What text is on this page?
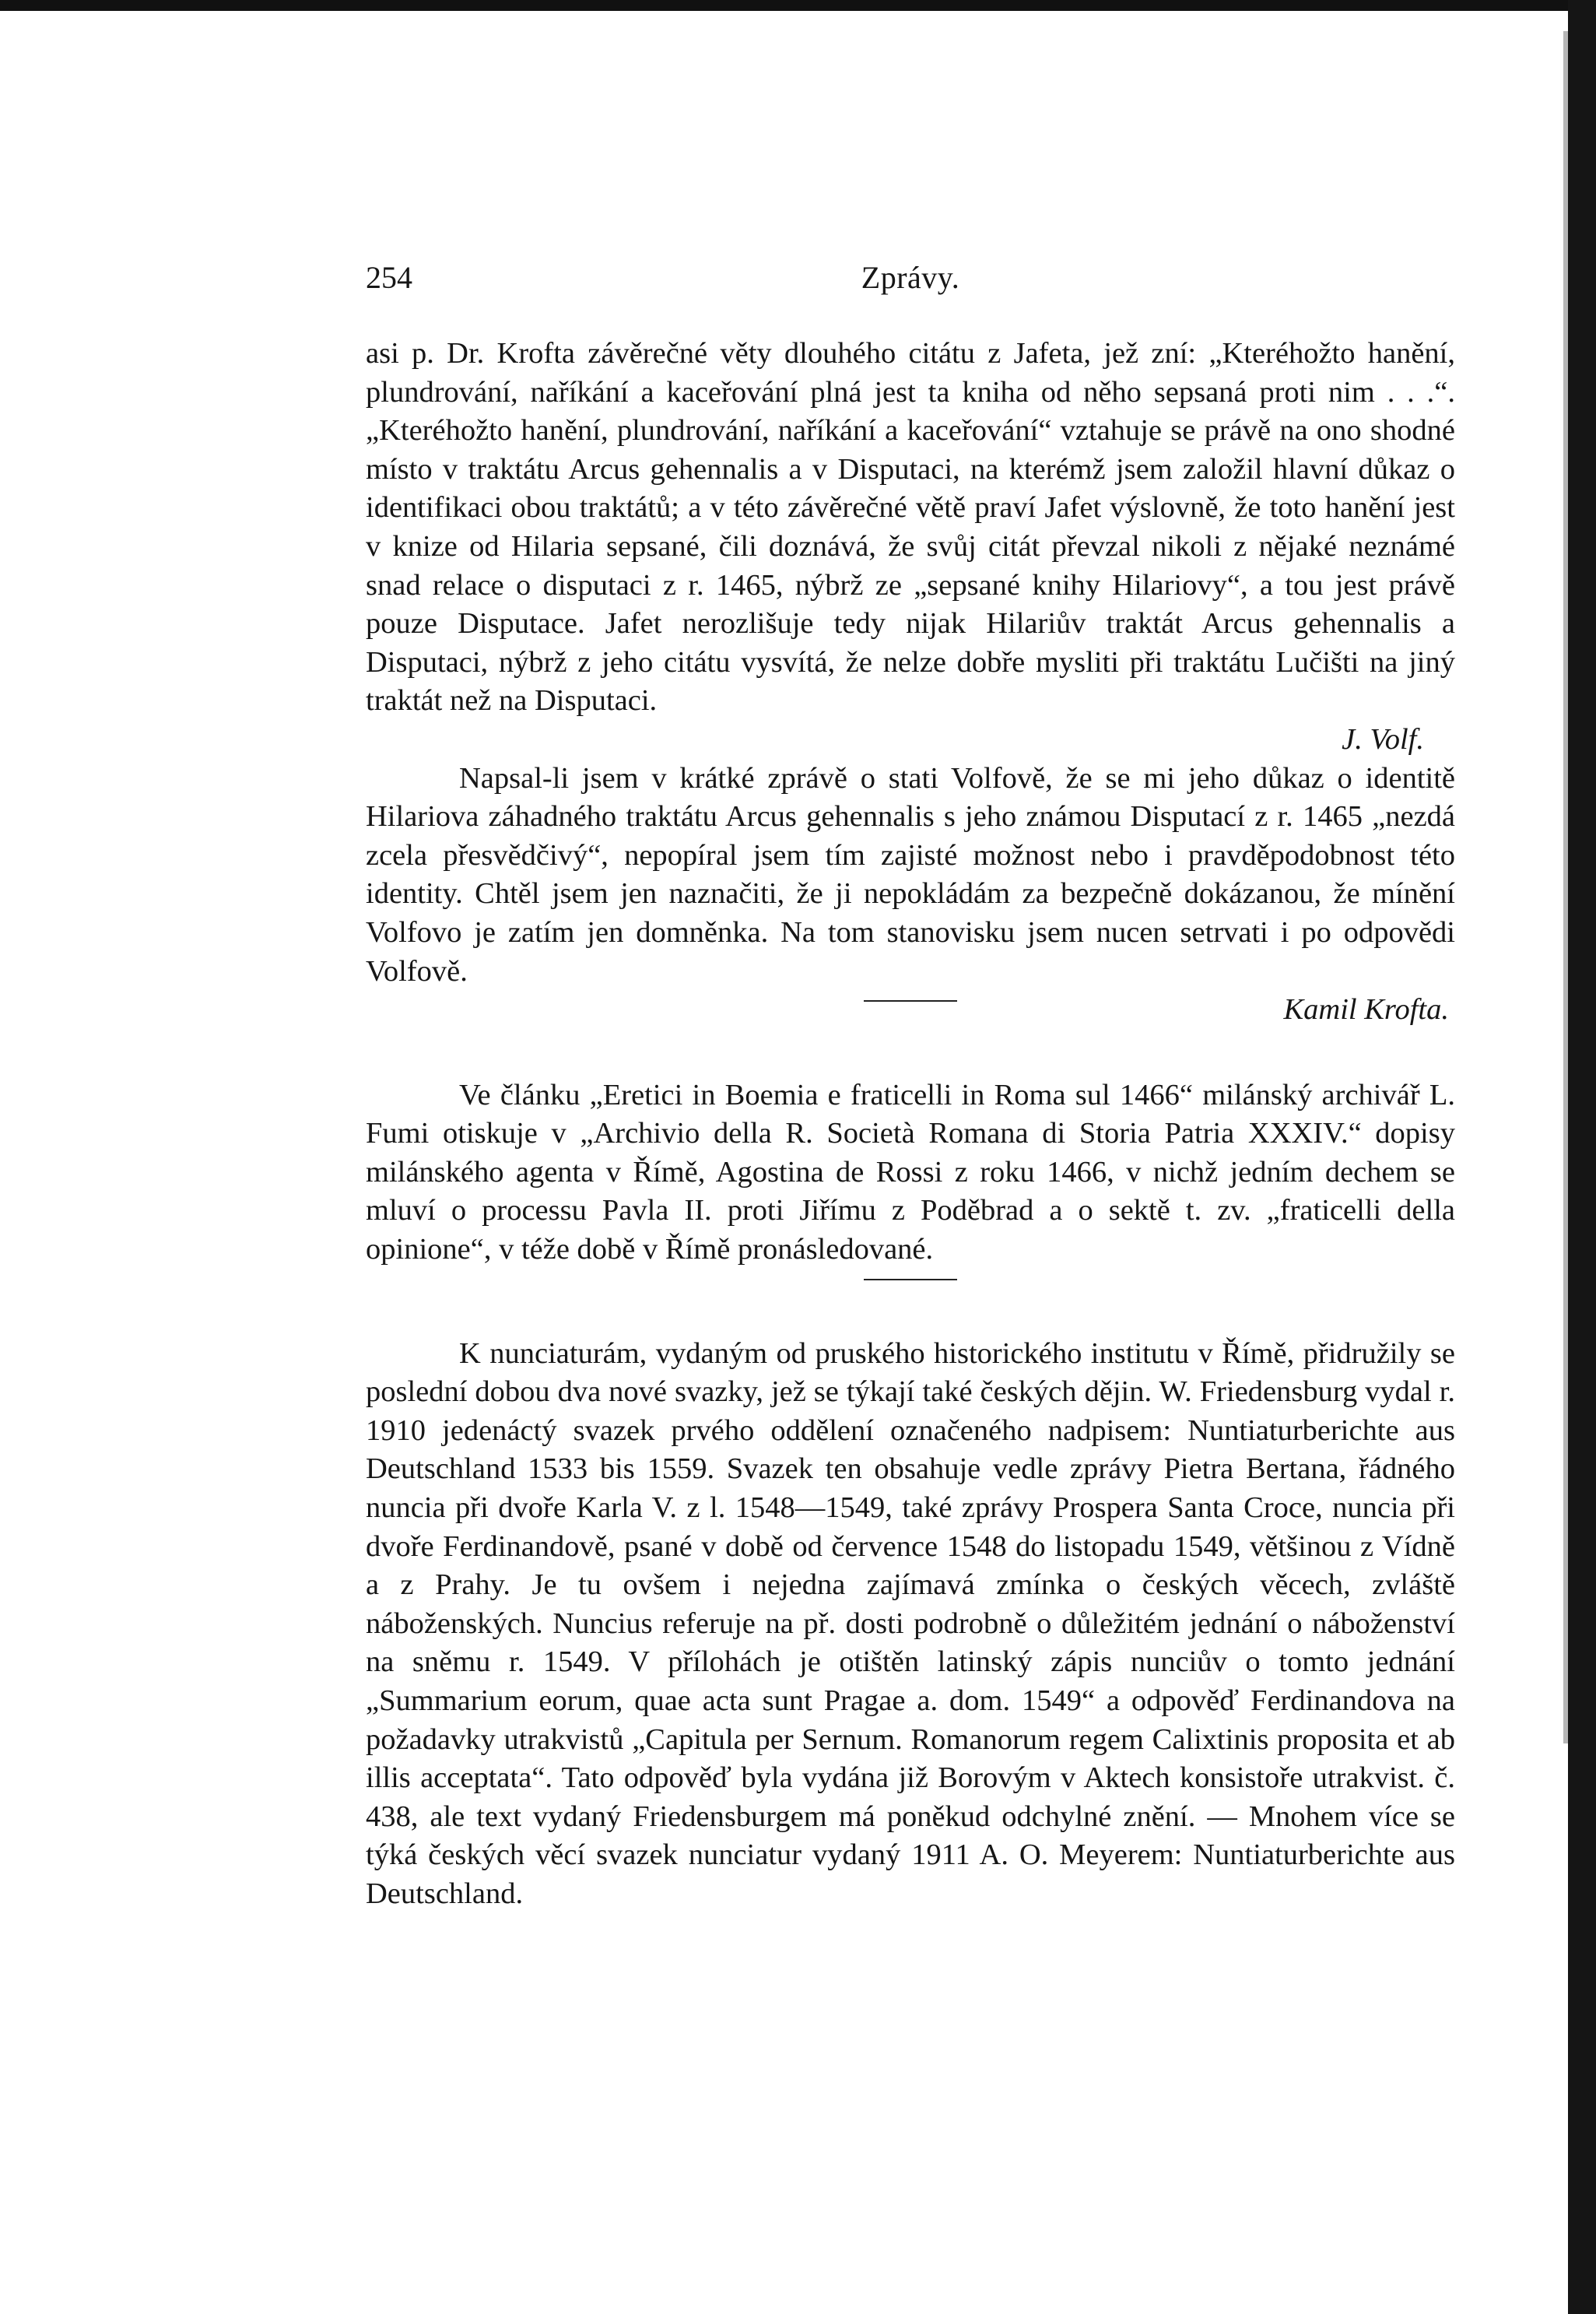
254	Zprávy.

asi p. Dr. Krofta závěrečné věty dlouhého citátu z Jafeta, jež zní: „Kteréhožto hanění, plundrování, naříkání a kaceřování plná jest ta kniha od něho sepsaná proti nim . . .“. „Kteréhožto hanění, plundrování, naříkání a kaceřování“ vztahuje se právě na ono shodné místo v traktátu Arcus gehennalis a v Disputaci, na kterémž jsem založil hlavní důkaz o identifikaci obou traktátů; a v této závěrečné větě praví Jafet výslovně, že toto hanění jest v knize od Hilaria sepsané, čili doznává, že svůj citát převzal nikoli z nějaké neznámé snad relace o disputaci z r. 1465, nýbrž ze „sepsané knihy Hilariovy“, a tou jest právě pouze Disputace. Jafet nerozlišuje tedy nijak Hilariův traktát Arcus gehennalis a Disputaci, nýbrž z jeho citátu vysvítá, že nelze dobře mysliti při traktátu Lučišti na jiný traktát než na Disputaci.

J. Volf.

Napsal-li jsem v krátké zprávě o stati Volfově, že se mi jeho důkaz o identitě Hilariova záhadného traktátu Arcus gehennalis s jeho známou Disputací z r. 1465 „nezdá zcela přesvědčivý“, nepopíral jsem tím zajisté možnost nebo i pravděpodobnost této identity. Chtěl jsem jen naznačiti, že ji nepokládám za bezpečně dokázanou, že mínění Volfovo je zatím jen domněnka. Na tom stanovisku jsem nucen setrvati i po odpovědi Volfově.

Kamil Krofta.

Ve článku „Eretici in Boemia e fraticelli in Roma sul 1466“ milánský archivář L. Fumi otiskuje v „Archivio della R. Società Romana di Storia Patria XXXIV.“ dopisy milánského agenta v Římě, Agostina de Rossi z roku 1466, v nichž jedním dechem se mluví o processu Pavla II. proti Jiřímu z Poděbrad a o sektě t. zv. „fraticelli della opinione“, v téže době v Římě pronásledované.

K nunciaturám, vydaným od pruského historického institutu v Římě, přidružily se poslední dobou dva nové svazky, jež se týkají také českých dějin. W. Friedensburg vydal r. 1910 jedenáctý svazek prvého oddělení označeného nadpisem: Nuntiaturberichte aus Deutschland 1533 bis 1559. Svazek ten obsahuje vedle zprávy Pietra Bertana, řádného nuncia při dvoře Karla V. z l. 1548—1549, také zprávy Prospera Santa Croce, nuncia při dvoře Ferdinandově, psané v době od července 1548 do listopadu 1549, většinou z Vídně a z Prahy. Je tu ovšem i nejedna zajímavá zmínka o českých věcech, zvláště náboženských. Nuncius referuje na př. dosti podrobně o důležitém jednání o náboženství na sněmu r. 1549. V přílohách je otištěn latinský zápis nunciův o tomto jednání „Summarium eorum, quae acta sunt Pragae a. dom. 1549“ a odpověď Ferdinandova na požadavky utrakvistů „Capitula per Sernum. Romanorum regem Calixtinis proposita et ab illis acceptata“. Tato odpověď byla vydána již Borovým v Aktech konsistoře utrakvist. č. 438, ale text vydaný Friedensburgem má poněkud odchylné znění. — Mnohem více se týká českých věcí svazek nunciatur vydaný 1911 A. O. Meyerem: Nuntiaturberichte aus Deutschland.
